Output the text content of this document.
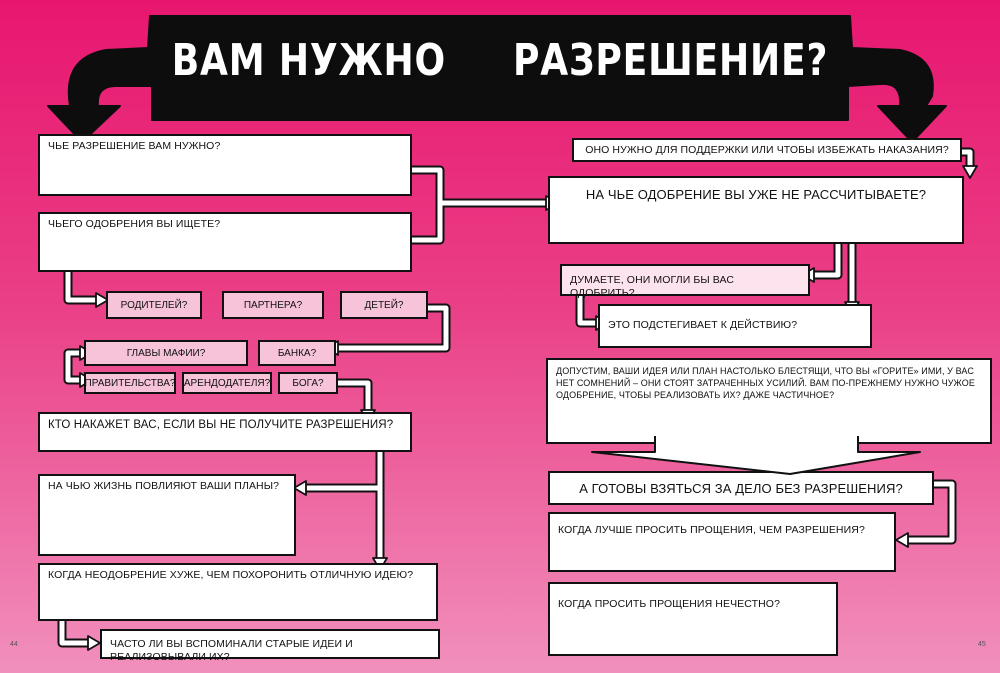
ВАМ НУЖНО     РАЗРЕШЕНИЕ?
ЧЬЕ РАЗРЕШЕНИЕ ВАМ НУЖНО?
ЧЬЕГО ОДОБРЕНИЯ ВЫ ИЩЕТЕ?
РОДИТЕЛЕЙ?	ПАРТНЕРА?	ДЕТЕЙ?
ГЛАВЫ МАФИИ?	БАНКА?
ПРАВИТЕЛЬСТВА? АРЕНДОДАТЕЛЯ?	БОГА?
КТО НАКАЖЕТ ВАС, ЕСЛИ ВЫ НЕ ПОЛУЧИТЕ РАЗРЕШЕНИЯ?
НА ЧЬЮ ЖИЗНЬ ПОВЛИЯЮТ ВАШИ ПЛАНЫ?
КОГДА НЕОДОБРЕНИЕ ХУЖЕ, ЧЕМ ПОХОРОНИТЬ ОТЛИЧНУЮ ИДЕЮ?
ЧАСТО ЛИ ВЫ ВСПОМИНАЛИ СТАРЫЕ ИДЕИ И РЕАЛИЗОВЫВАЛИ ИХ?
44
ОНО НУЖНО ДЛЯ ПОДДЕРЖКИ ИЛИ ЧТОБЫ ИЗБЕЖАТЬ НАКАЗАНИЯ?
НА ЧЬЕ ОДОБРЕНИЕ ВЫ УЖЕ НЕ РАССЧИТЫВАЕТЕ?
ДУМАЕТЕ, ОНИ МОГЛИ БЫ ВАС ОДОБРИТЬ?
ЭТО ПОДСТЕГИВАЕТ К ДЕЙСТВИЮ?
ДОПУСТИМ, ВАШИ ИДЕЯ ИЛИ ПЛАН НАСТОЛЬКО БЛЕСТЯЩИ, ЧТО ВЫ «ГОРИТЕ» ИМИ, У ВАС НЕТ СОМНЕНИЙ – ОНИ СТОЯТ ЗАТРАЧЕННЫХ УСИЛИЙ. ВАМ ПО-ПРЕЖНЕМУ НУЖНО ЧУЖОЕ ОДОБРЕНИЕ, ЧТОБЫ РЕАЛИЗОВАТЬ ИХ? ДАЖЕ ЧАСТИЧНОЕ?
А ГОТОВЫ ВЗЯТЬСЯ ЗА ДЕЛО БЕЗ РАЗРЕШЕНИЯ?
КОГДА ЛУЧШЕ ПРОСИТЬ ПРОЩЕНИЯ, ЧЕМ РАЗРЕШЕНИЯ?
КОГДА ПРОСИТЬ ПРОЩЕНИЯ НЕЧЕСТНО?
45
